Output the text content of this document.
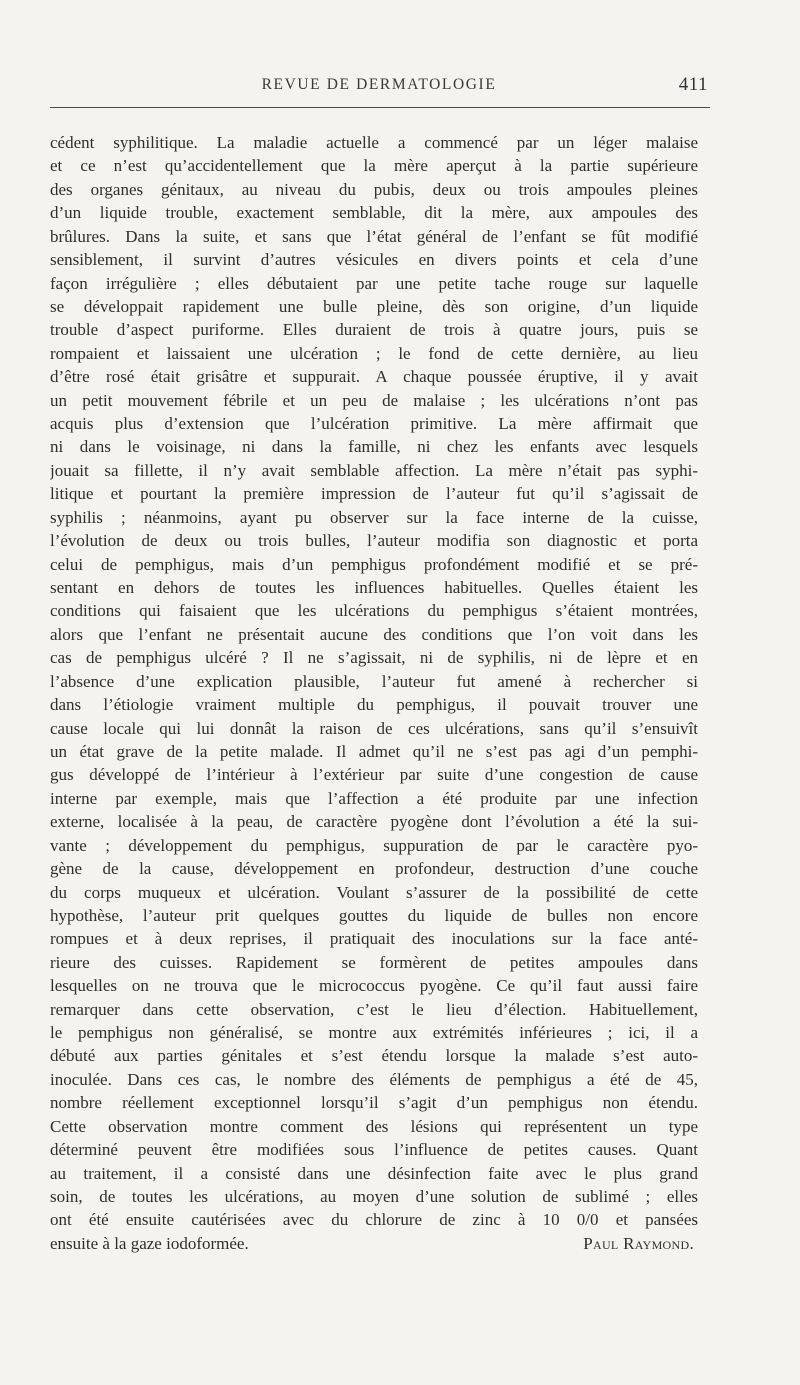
REVUE DE DERMATOLOGIE	411
cédent syphilitique. La maladie actuelle a commencé par un léger malaise
et ce n’est qu’accidentellement que la mère aperçut à la partie supérieure
des organes génitaux, au niveau du pubis, deux ou trois ampoules pleines
d’un liquide trouble, exactement semblable, dit la mère, aux ampoules des
brûlures. Dans la suite, et sans que l’état général de l’enfant se fût modifié
sensiblement, il survint d’autres vésicules en divers points et cela d’une
façon irrégulière ; elles débutaient par une petite tache rouge sur laquelle
se développait rapidement une bulle pleine, dès son origine, d’un liquide
trouble d’aspect puriforme. Elles duraient de trois à quatre jours, puis se
rompaient et laissaient une ulcération ; le fond de cette dernière, au lieu
d’être rosé était grisâtre et suppurait. A chaque poussée éruptive, il y avait
un petit mouvement fébrile et un peu de malaise ; les ulcérations n’ont pas
acquis plus d’extension que l’ulcération primitive. La mère affirmait que
ni dans le voisinage, ni dans la famille, ni chez les enfants avec lesquels
jouait sa fillette, il n’y avait semblable affection. La mère n’était pas syphi-
litique et pourtant la première impression de l’auteur fut qu’il s’agissait de
syphilis ; néanmoins, ayant pu observer sur la face interne de la cuisse,
l’évolution de deux ou trois bulles, l’auteur modifia son diagnostic et porta
celui de pemphigus, mais d’un pemphigus profondément modifié et se pré-
sentant en dehors de toutes les influences habituelles. Quelles étaient les
conditions qui faisaient que les ulcérations du pemphigus s’étaient montrées,
alors que l’enfant ne présentait aucune des conditions que l’on voit dans les
cas de pemphigus ulcéré ? Il ne s’agissait, ni de syphilis, ni de lèpre et en
l’absence d’une explication plausible, l’auteur fut amené à rechercher si
dans l’étiologie vraiment multiple du pemphigus, il pouvait trouver une
cause locale qui lui donnât la raison de ces ulcérations, sans qu’il s’ensuivît
un état grave de la petite malade. Il admet qu’il ne s’est pas agi d’un pemphi-
gus développé de l’intérieur à l’extérieur par suite d’une congestion de cause
interne par exemple, mais que l’affection a été produite par une infection
externe, localisée à la peau, de caractère pyogène dont l’évolution a été la sui-
vante ; développement du pemphigus, suppuration de par le caractère pyo-
gène de la cause, développement en profondeur, destruction d’une couche
du corps muqueux et ulcération. Voulant s’assurer de la possibilité de cette
hypothèse, l’auteur prit quelques gouttes du liquide de bulles non encore
rompues et à deux reprises, il pratiquait des inoculations sur la face anté-
rieure des cuisses. Rapidement se formèrent de petites ampoules dans
lesquelles on ne trouva que le micrococcus pyogène. Ce qu’il faut aussi faire
remarquer dans cette observation, c’est le lieu d’élection. Habituellement,
le pemphigus non généralisé, se montre aux extrémités inférieures ; ici, il a
débuté aux parties génitales et s’est étendu lorsque la malade s’est auto-
inoculée. Dans ces cas, le nombre des éléments de pemphigus a été de 45,
nombre réellement exceptionnel lorsqu’il s’agit d’un pemphigus non étendu.
Cette observation montre comment des lésions qui représentent un type
déterminé peuvent être modifiées sous l’influence de petites causes. Quant
au traitement, il a consisté dans une désinfection faite avec le plus grand
soin, de toutes les ulcérations, au moyen d’une solution de sublimé ; elles
ont été ensuite cautérisées avec du chlorure de zinc à 10 0/0 et pansées
ensuite à la gaze iodoformée.	Paul Raymond.
